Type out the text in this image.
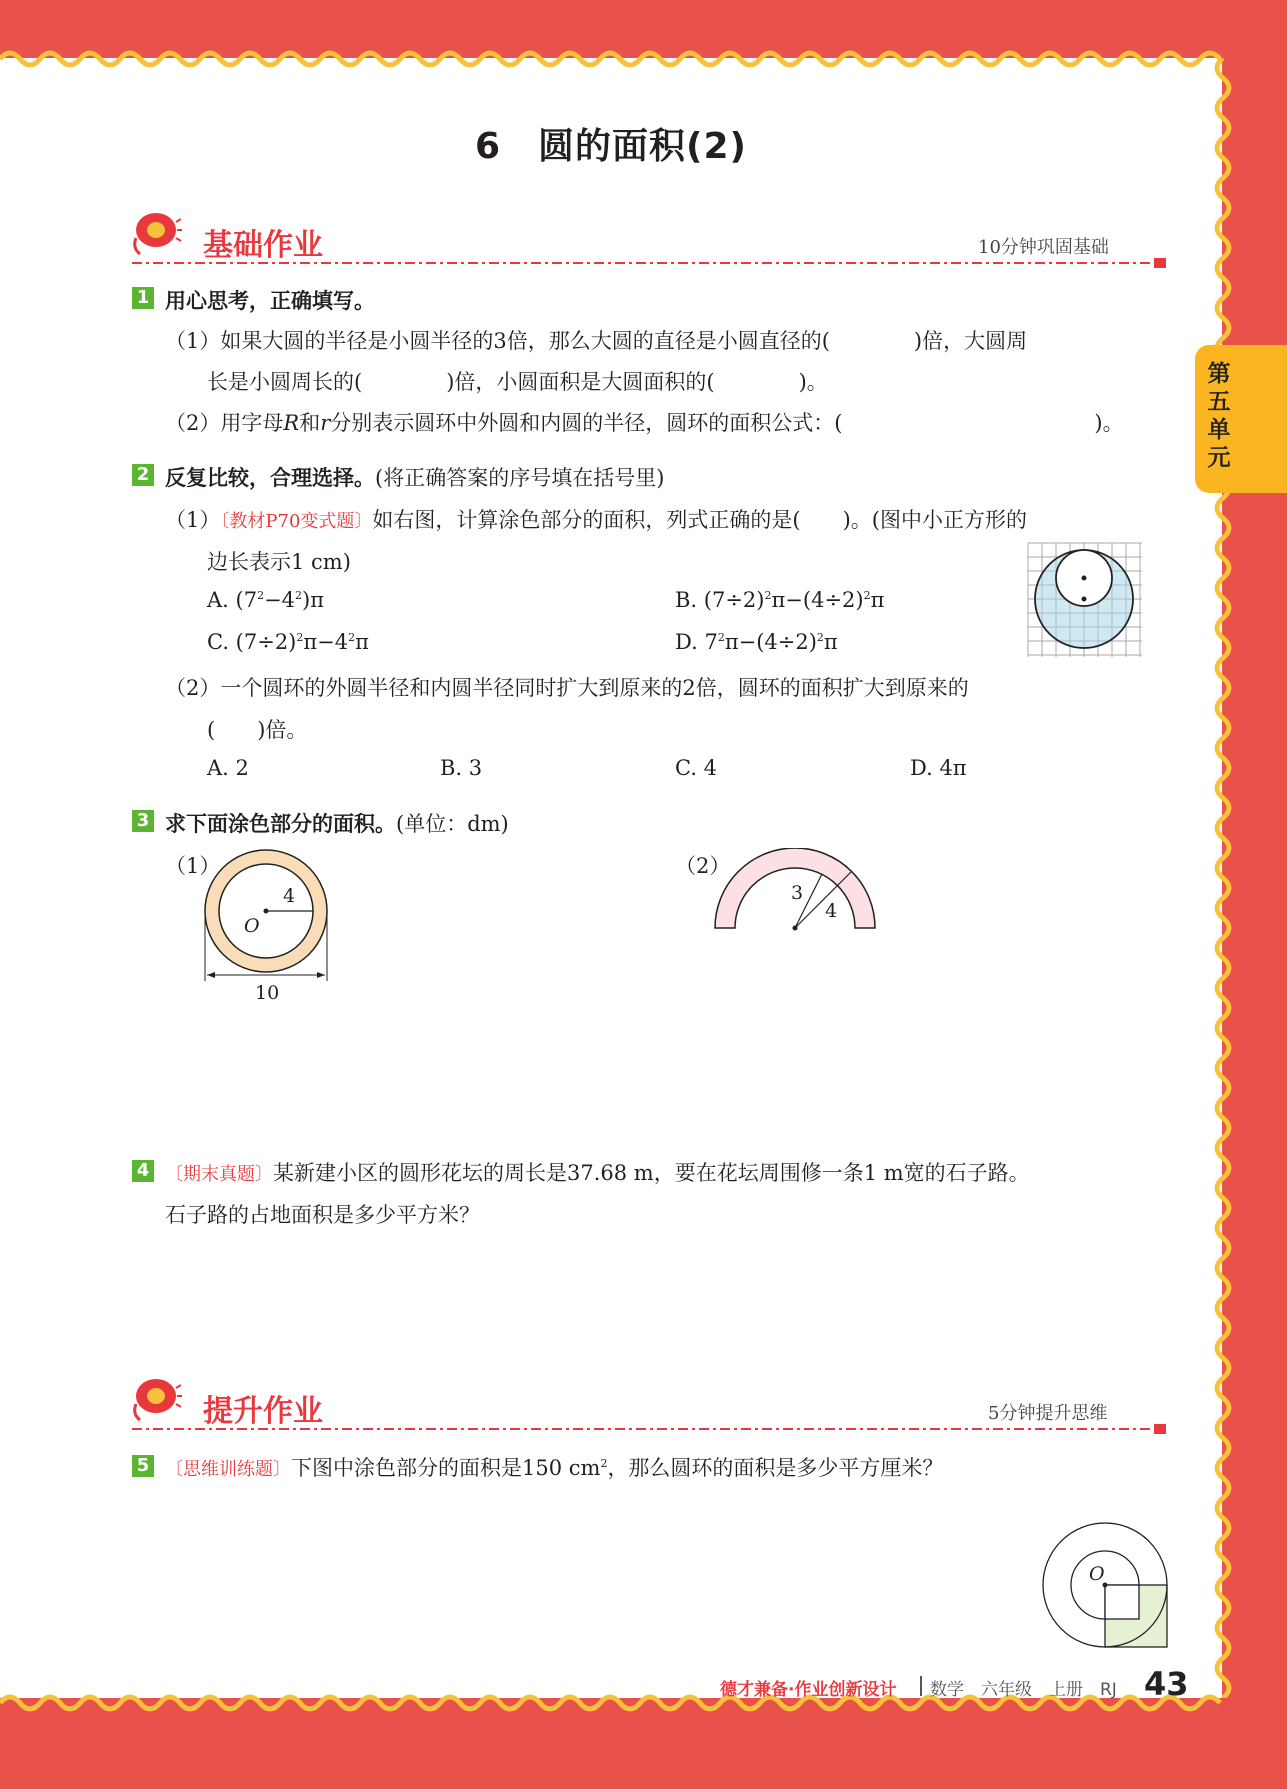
第五单元
6　圆的面积(2)
基础作业	10分钟巩固基础
1 用心思考，正确填写。
（1）如果大圆的半径是小圆半径的3倍，那么大圆的直径是小圆直径的(　　　　)倍，大圆周
长是小圆周长的(　　　　)倍，小圆面积是大圆面积的(　　　　)。
（2）用字母R和r分别表示圆环中外圆和内圆的半径，圆环的面积公式：(　　　　　　　　　　　　)。
2 反复比较，合理选择。(将正确答案的序号填在括号里)
（1）〔教材P70变式题〕如右图，计算涂色部分的面积，列式正确的是(　　)。(图中小正方形的
边长表示1 cm)
A. $(7^2-4^2)\pi$	B. $(7\div 2)^2\pi-(4\div 2)^2\pi$
C. $(7\div 2)^2\pi-4^2\pi$	D. $7^2\pi-(4\div 2)^2\pi$
（2）一个圆环的外圆半径和内圆半径同时扩大到原来的2倍，圆环的面积扩大到原来的
(　　)倍。
A. 2	B. 3	C. 4	D. 4π
3 求下面涂色部分的面积。(单位：dm)
（1）	（2）
4
O
10
3
4
4 〔期末真题〕某新建小区的圆形花坛的周长是37.68 m，要在花坛周围修一条1 m宽的石子路。
石子路的占地面积是多少平方米？
提升作业	5分钟提升思维
5 〔思维训练题〕下图中涂色部分的面积是150 $cm^2$，那么圆环的面积是多少平方厘米？
O
德才兼备·作业创新设计 数学　六年级　上册　RJ 43
